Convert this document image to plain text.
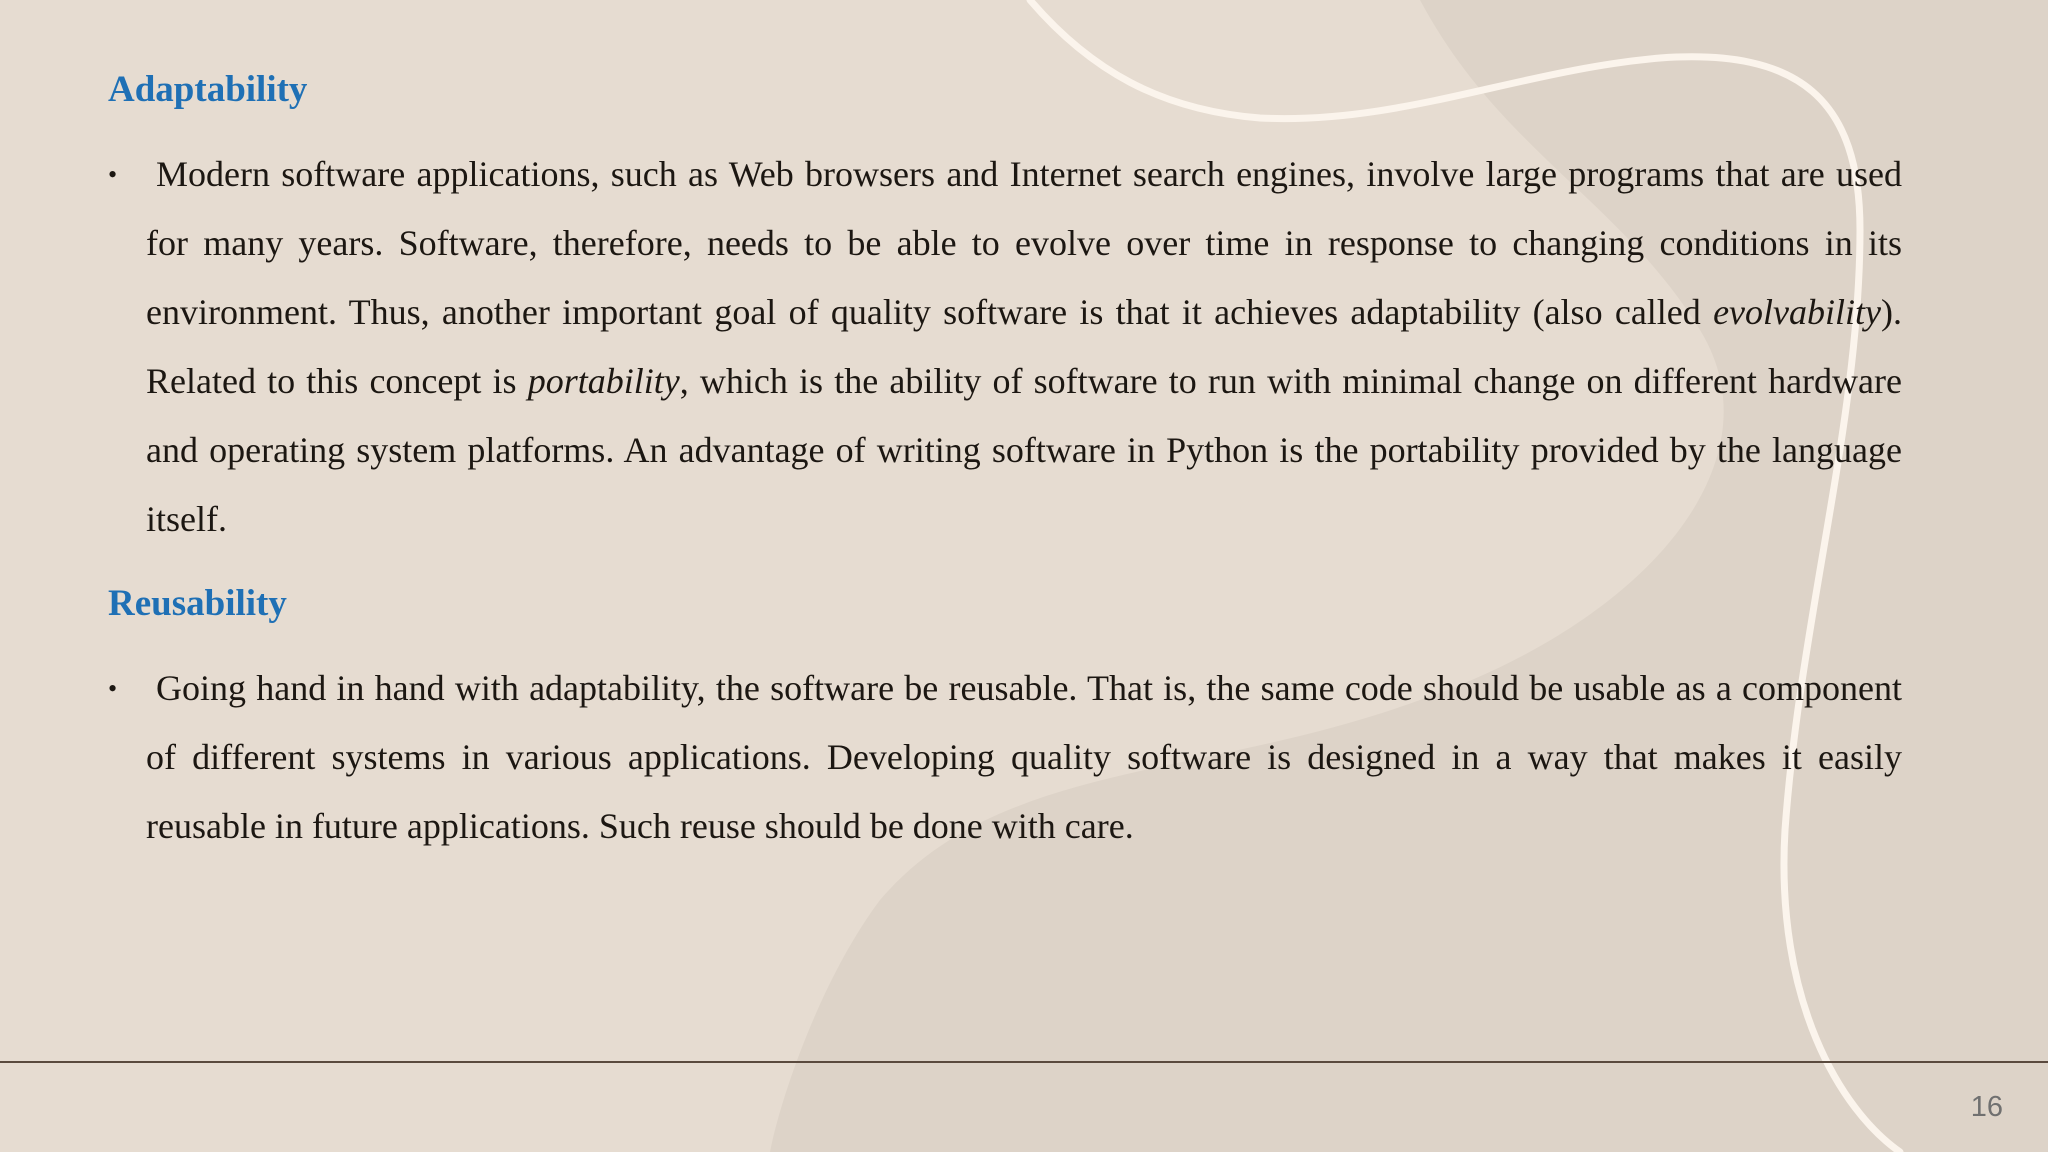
Adaptability
• Modern software applications, such as Web browsers and Internet search engines, involve large programs that are used for many years. Software, therefore, needs to be able to evolve over time in response to changing conditions in its environment. Thus, another important goal of quality software is that it achieves adaptability (also called evolvability). Related to this concept is portability, which is the ability of software to run with minimal change on different hardware and operating system platforms. An advantage of writing software in Python is the portability provided by the language itself.

Reusability
• Going hand in hand with adaptability, the software be reusable. That is, the same code should be usable as a component of different systems in various applications. Developing quality software is designed in a way that makes it easily reusable in future applications. Such reuse should be done with care.

16
